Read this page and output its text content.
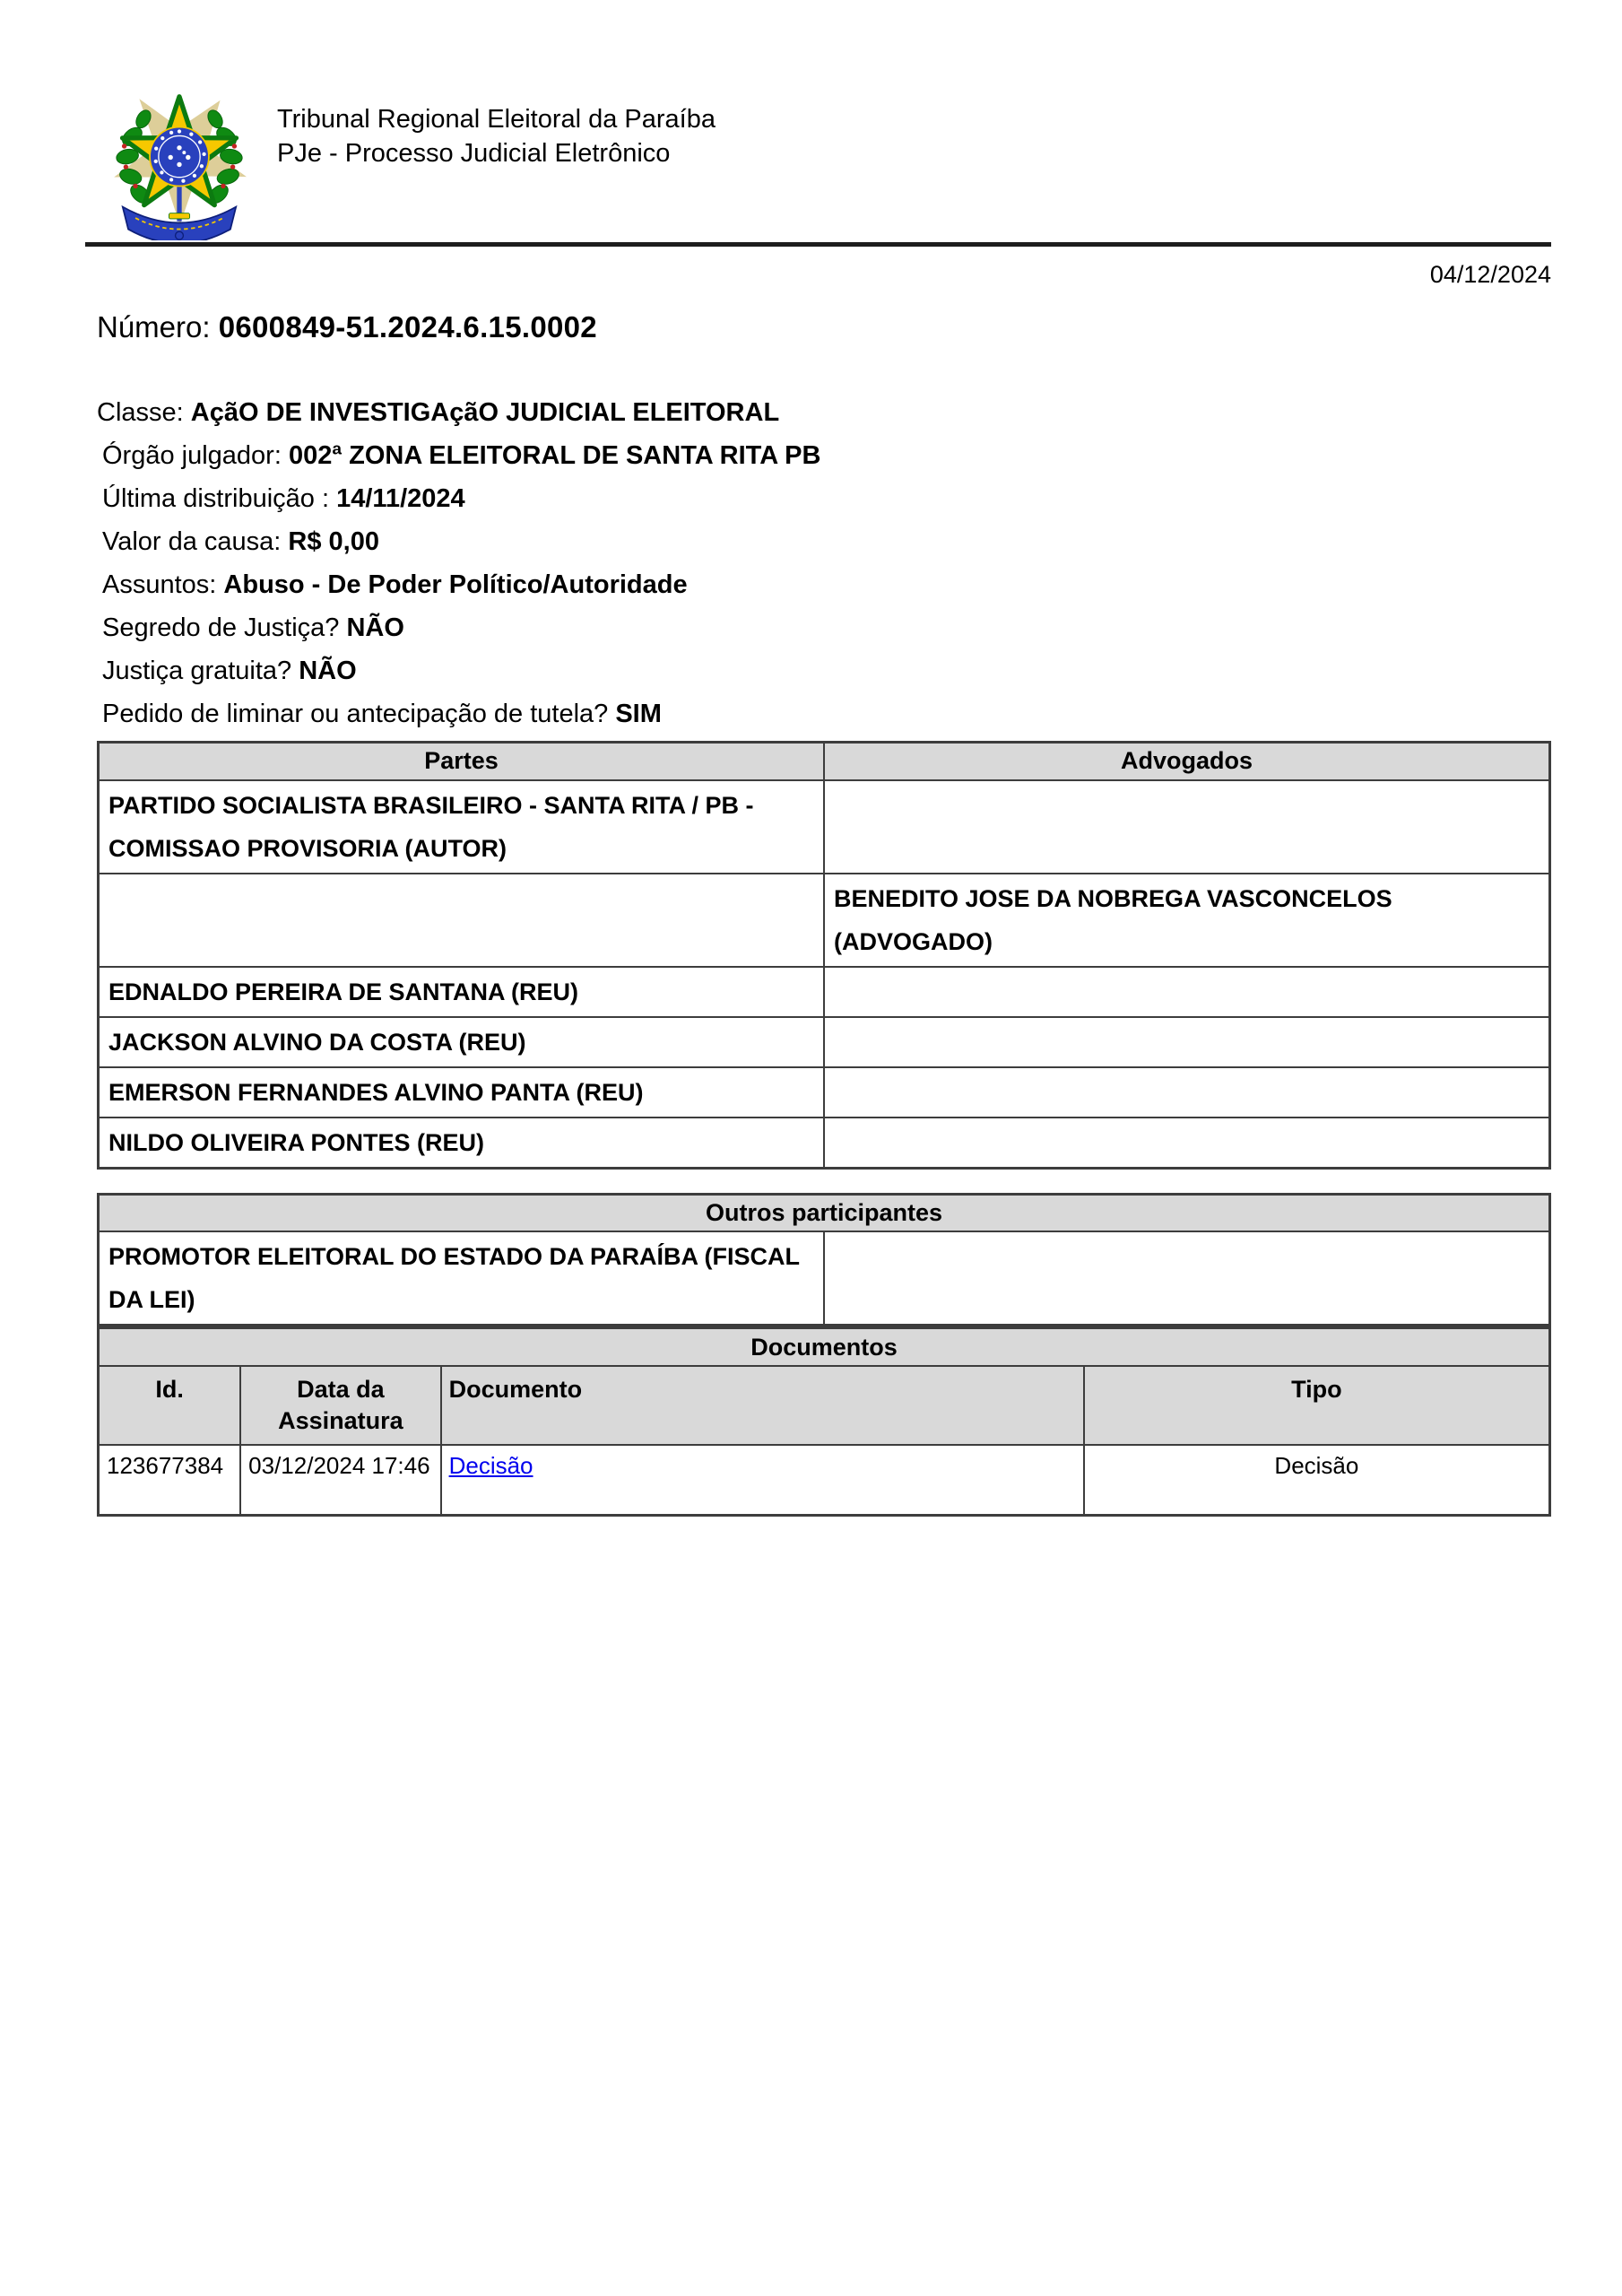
Tribunal Regional Eleitoral da Paraíba
PJe - Processo Judicial Eletrônico
04/12/2024
Número: 0600849-51.2024.6.15.0002
Classe: AçãO DE INVESTIGAçãO JUDICIAL ELEITORAL
Órgão julgador: 002ª ZONA ELEITORAL DE SANTA RITA PB
Última distribuição : 14/11/2024
Valor da causa: R$ 0,00
Assuntos: Abuso - De Poder Político/Autoridade
Segredo de Justiça? NÃO
Justiça gratuita? NÃO
Pedido de liminar ou antecipação de tutela? SIM
Partes	Advogados
PARTIDO SOCIALISTA BRASILEIRO - SANTA RITA / PB - COMISSAO PROVISORIA (AUTOR)	
	BENEDITO JOSE DA NOBREGA VASCONCELOS (ADVOGADO)
EDNALDO PEREIRA DE SANTANA (REU)	
JACKSON ALVINO DA COSTA (REU)	
EMERSON FERNANDES ALVINO PANTA (REU)	
NILDO OLIVEIRA PONTES (REU)	
Outros participantes
PROMOTOR ELEITORAL DO ESTADO DA PARAÍBA (FISCAL DA LEI)	
Documentos			
Id.	Data da Assinatura	Documento	Tipo
123677384	03/12/2024 17:46	Decisão	Decisão
